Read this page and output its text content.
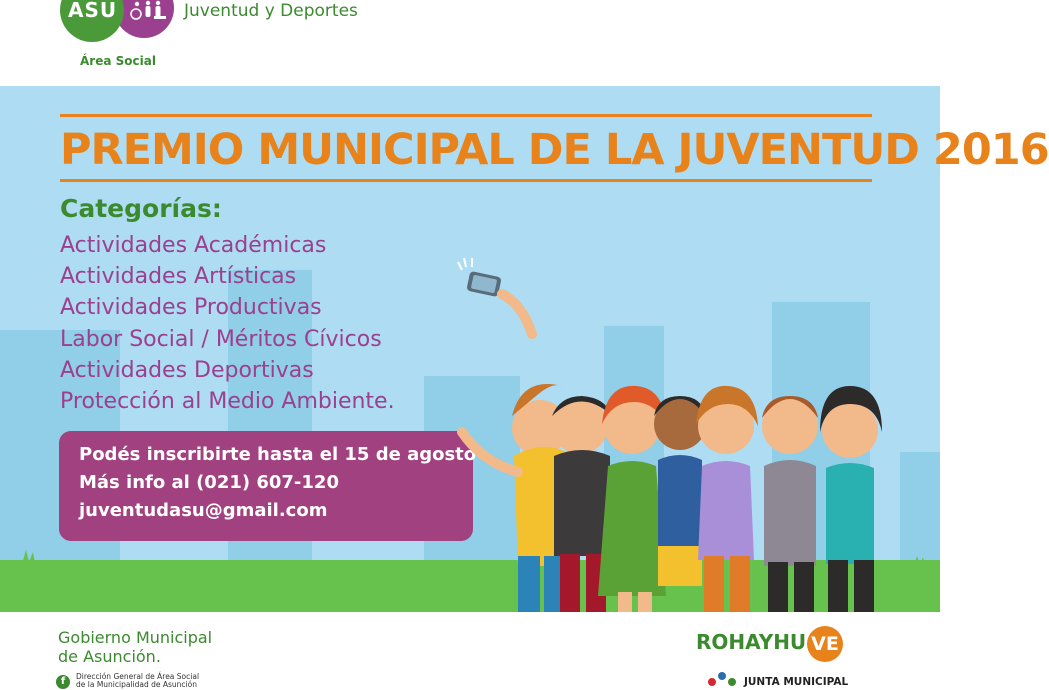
ASU
Área Social
Juventud y Deportes
PREMIO MUNICIPAL DE LA JUVENTUD 2016
Categorías:
Actividades Académicas
Actividades Artísticas
Actividades Productivas
Labor Social / Méritos Cívicos
Actividades Deportivas
Protección al Medio Ambiente.
Podés inscribirte hasta el 15 de agosto
Más info al (021) 607-120
juventudasu@gmail.com
Gobierno Municipal
de Asunción.
f	Dirección General de Área Social
de la Municipalidad de Asunción
ROHAYHU VE
JUNTA MUNICIPAL
